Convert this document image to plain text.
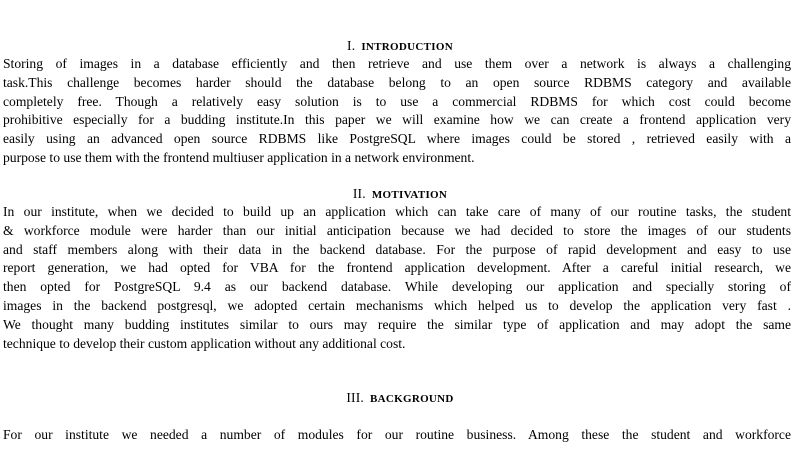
I. INTRODUCTION
Storing of images in a database efficiently and then retrieve and use them over a network is always a challenging
task.This challenge becomes harder should the database belong to an open source RDBMS category and available
completely free. Though a relatively easy solution is to use a commercial RDBMS for which cost could become
prohibitive especially for a budding institute.In this paper we will examine how we can create a frontend application very
easily using an advanced open source RDBMS like PostgreSQL where images could be stored , retrieved easily with a
purpose to use them with the frontend multiuser application in a network environment.
II. MOTIVATION
In our institute, when we decided to build up an application which can take care of many of our routine tasks, the student
& workforce module were harder than our initial anticipation because we had decided to store the images of our students
and staff members along with their data in the backend database. For the purpose of rapid development and easy to use
report generation, we had opted for VBA for the frontend application development. After a careful initial research, we
then opted for PostgreSQL 9.4 as our backend database. While developing our application and specially storing of
images in the backend postgresql, we adopted certain mechanisms which helped us to develop the application very fast .
We thought many budding institutes similar to ours may require the similar type of application and may adopt the same
technique to develop their custom application without any additional cost.
III. BACKGROUND
For our institute we needed a number of modules for our routine business. Among these the student and workforce
